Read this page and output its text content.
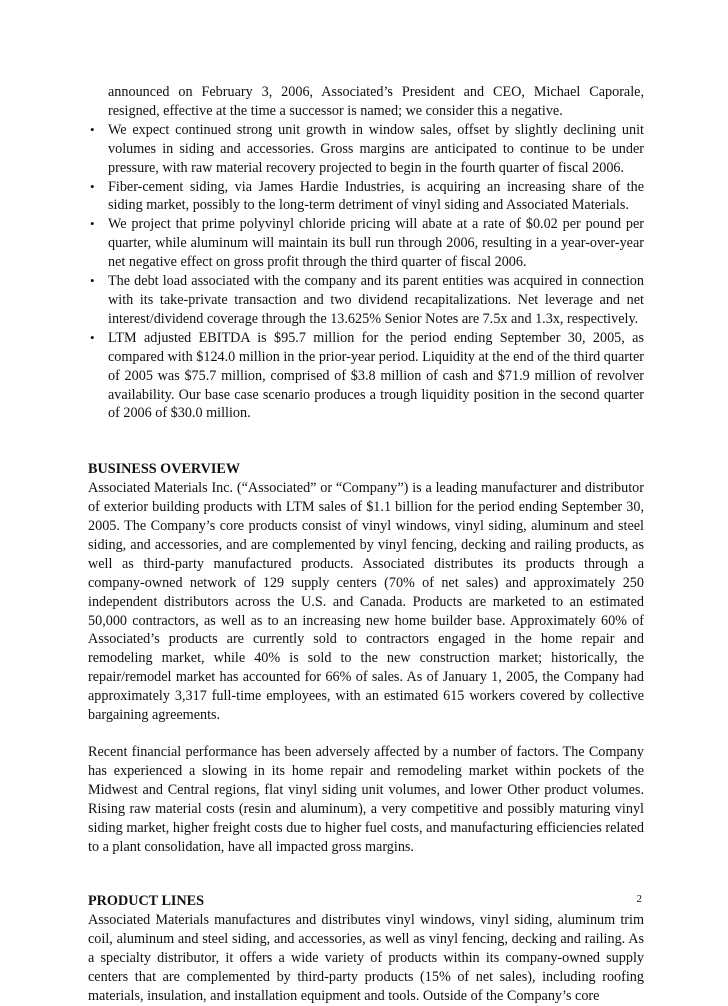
announced on February 3, 2006, Associated’s President and CEO, Michael Caporale, resigned, effective at the time a successor is named; we consider this a negative.
• We expect continued strong unit growth in window sales, offset by slightly declining unit volumes in siding and accessories. Gross margins are anticipated to continue to be under pressure, with raw material recovery projected to begin in the fourth quarter of fiscal 2006.
• Fiber-cement siding, via James Hardie Industries, is acquiring an increasing share of the siding market, possibly to the long-term detriment of vinyl siding and Associated Materials.
• We project that prime polyvinyl chloride pricing will abate at a rate of $0.02 per pound per quarter, while aluminum will maintain its bull run through 2006, resulting in a year-over-year net negative effect on gross profit through the third quarter of fiscal 2006.
• The debt load associated with the company and its parent entities was acquired in connection with its take-private transaction and two dividend recapitalizations. Net leverage and net interest/dividend coverage through the 13.625% Senior Notes are 7.5x and 1.3x, respectively.
• LTM adjusted EBITDA is $95.7 million for the period ending September 30, 2005, as compared with $124.0 million in the prior-year period. Liquidity at the end of the third quarter of 2005 was $75.7 million, comprised of $3.8 million of cash and $71.9 million of revolver availability. Our base case scenario produces a trough liquidity position in the second quarter of 2006 of $30.0 million.
BUSINESS OVERVIEW

Associated Materials Inc. (“Associated” or “Company”) is a leading manufacturer and distributor of exterior building products with LTM sales of $1.1 billion for the period ending September 30, 2005. The Company’s core products consist of vinyl windows, vinyl siding, aluminum and steel siding, and accessories, and are complemented by vinyl fencing, decking and railing products, as well as third-party manufactured products. Associated distributes its products through a company-owned network of 129 supply centers (70% of net sales) and approximately 250 independent distributors across the U.S. and Canada. Products are marketed to an estimated 50,000 contractors, as well as to an increasing new home builder base. Approximately 60% of Associated’s products are currently sold to contractors engaged in the home repair and remodeling market, while 40% is sold to the new construction market; historically, the repair/remodel market has accounted for 66% of sales. As of January 1, 2005, the Company had approximately 3,317 full-time employees, with an estimated 615 workers covered by collective bargaining agreements.

Recent financial performance has been adversely affected by a number of factors. The Company has experienced a slowing in its home repair and remodeling market within pockets of the Midwest and Central regions, flat vinyl siding unit volumes, and lower Other product volumes. Rising raw material costs (resin and aluminum), a very competitive and possibly maturing vinyl siding market, higher freight costs due to higher fuel costs, and manufacturing efficiencies related to a plant consolidation, have all impacted gross margins.

PRODUCT LINES

Associated Materials manufactures and distributes vinyl windows, vinyl siding, aluminum trim coil, aluminum and steel siding, and accessories, as well as vinyl fencing, decking and railing. As a specialty distributor, it offers a wide variety of products within its company-owned supply centers that are complemented by third-party products (15% of net sales), including roofing materials, insulation, and installation equipment and tools. Outside of the Company’s core

2
